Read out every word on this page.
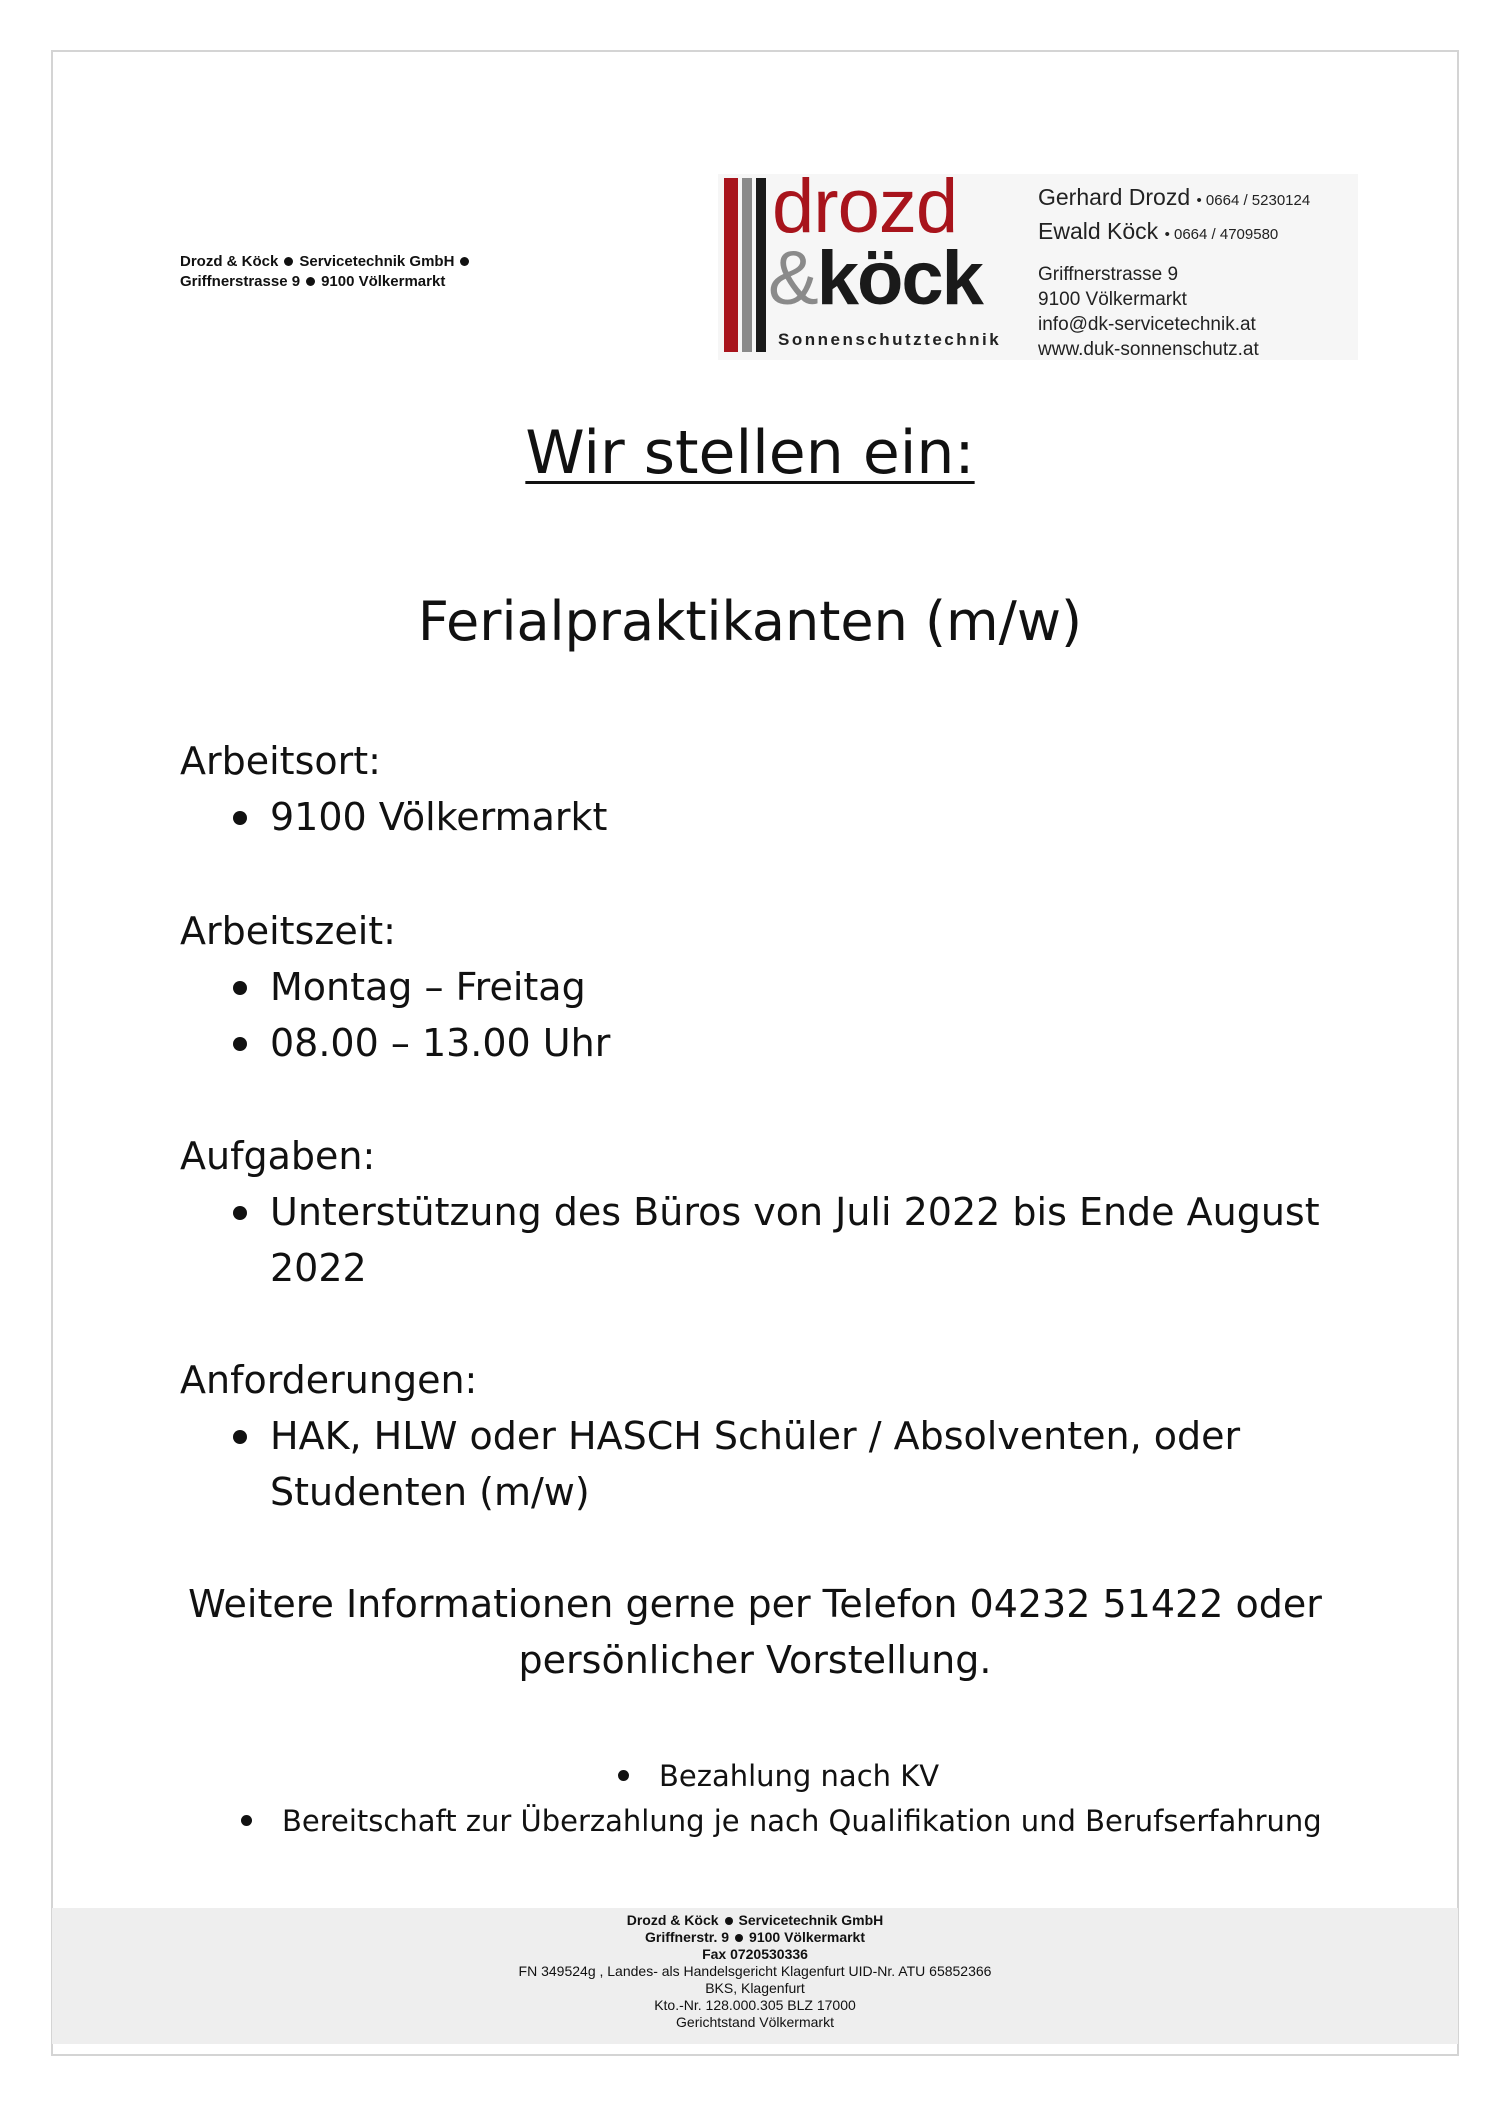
Drozd & Köck Servicetechnik GmbH
Griffnerstrasse 9 9100 Völkermarkt
drozd
&köck
Sonnenschutztechnik
Gerhard Drozd • 0664 / 5230124
Ewald Köck • 0664 / 4709580
Griffnerstrasse 9
9100 Völkermarkt
info@dk-servicetechnik.at
www.duk-sonnenschutz.at
Wir stellen ein:
Ferialpraktikanten (m/w)
Arbeitsort:
9100 Völkermarkt
Arbeitszeit:
Montag – Freitag
08.00 – 13.00 Uhr
Aufgaben:
Unterstützung des Büros von Juli 2022 bis Ende August 2022
Anforderungen:
HAK, HLW oder HASCH Schüler / Absolventen, oder Studenten (m/w)
Weitere Informationen gerne per Telefon 04232 51422 oder persönlicher Vorstellung.
Bezahlung nach KV
Bereitschaft zur Überzahlung je nach Qualifikation und Berufserfahrung
Drozd & Köck Servicetechnik GmbH
Griffnerstr. 9 9100 Völkermarkt
Fax 0720530336
FN 349524g , Landes- als Handelsgericht Klagenfurt UID-Nr. ATU 65852366
BKS, Klagenfurt
Kto.-Nr. 128.000.305 BLZ 17000
Gerichtstand Völkermarkt
